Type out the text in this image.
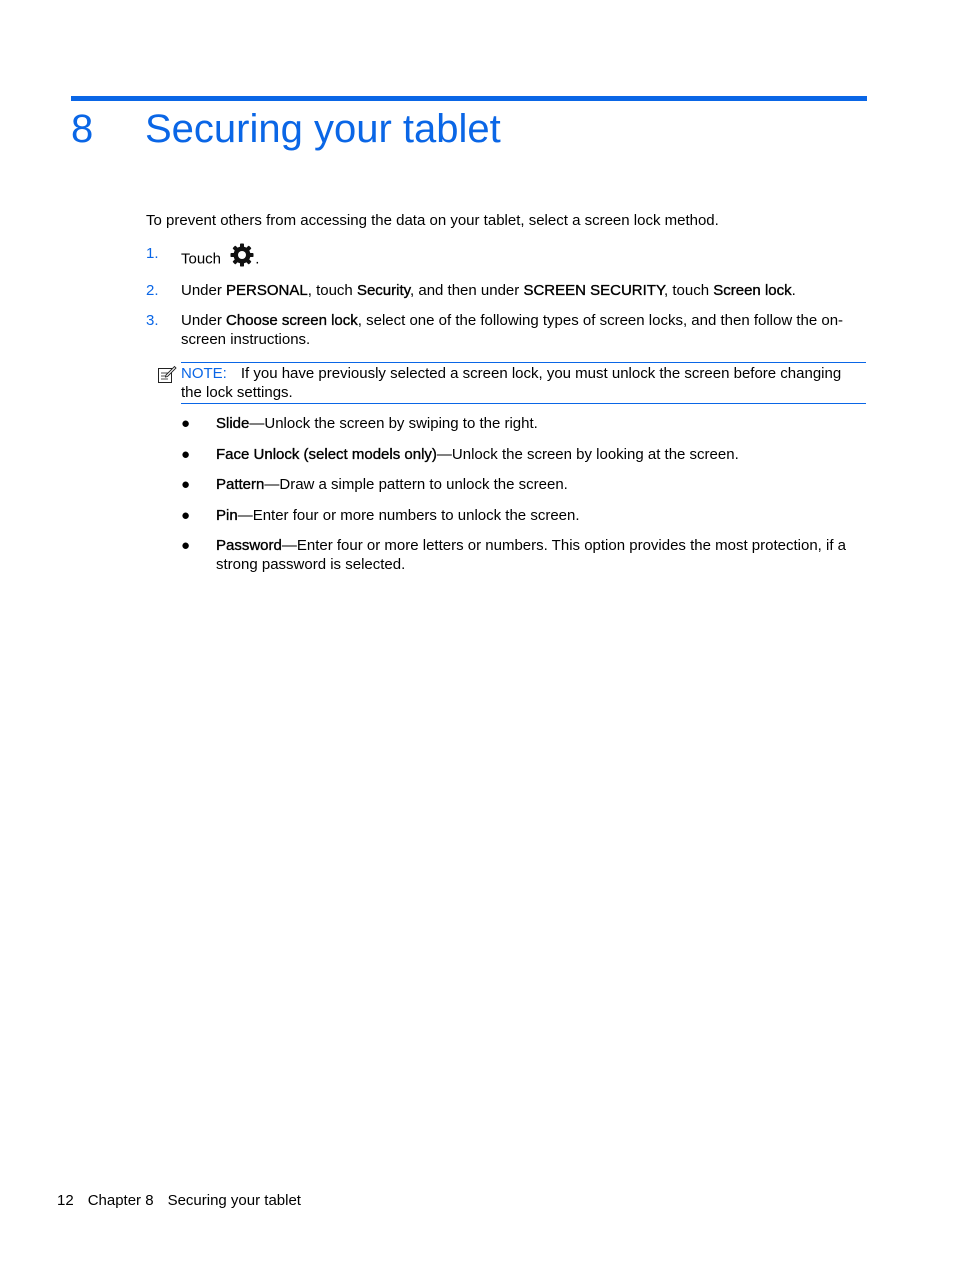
8 Securing your tablet
To prevent others from accessing the data on your tablet, select a screen lock method.
1. Touch .
2. Under PERSONAL, touch Security, and then under SCREEN SECURITY, touch Screen lock.
3. Under Choose screen lock, select one of the following types of screen locks, and then follow the on-screen instructions.
NOTE: If you have previously selected a screen lock, you must unlock the screen before changing the lock settings.
● Slide—Unlock the screen by swiping to the right.
● Face Unlock (select models only)—Unlock the screen by looking at the screen.
● Pattern—Draw a simple pattern to unlock the screen.
● Pin—Enter four or more numbers to unlock the screen.
● Password—Enter four or more letters or numbers. This option provides the most protection, if a strong password is selected.
12 Chapter 8 Securing your tablet
